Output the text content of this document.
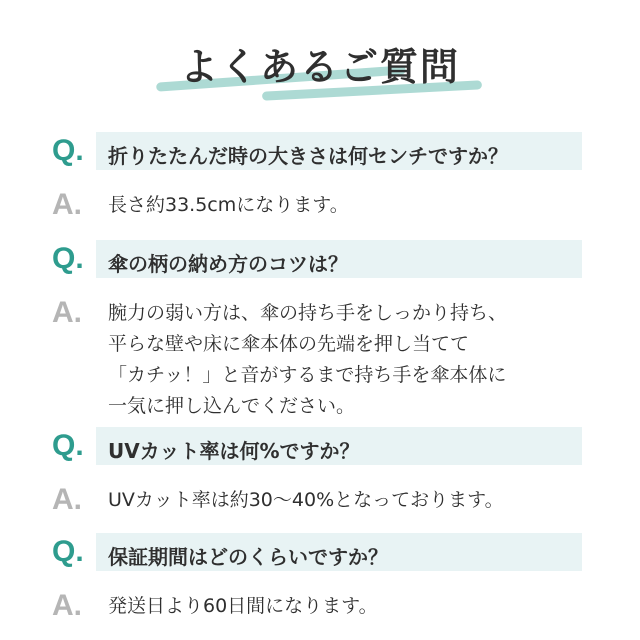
よくあるご質問
Q. 折りたたんだ時の大きさは何センチですか？
A. 長さ約33.5cmになります。
Q. 傘の柄の納め方のコツは？
A. 腕力の弱い方は、傘の持ち手をしっかり持ち、
平らな壁や床に傘本体の先端を押し当てて
「カチッ！」と音がするまで持ち手を傘本体に
一気に押し込んでください。
Q. UVカット率は何%ですか？
A. UVカット率は約30〜40%となっております。
Q. 保証期間はどのくらいですか？
A. 発送日より60日間になります。
